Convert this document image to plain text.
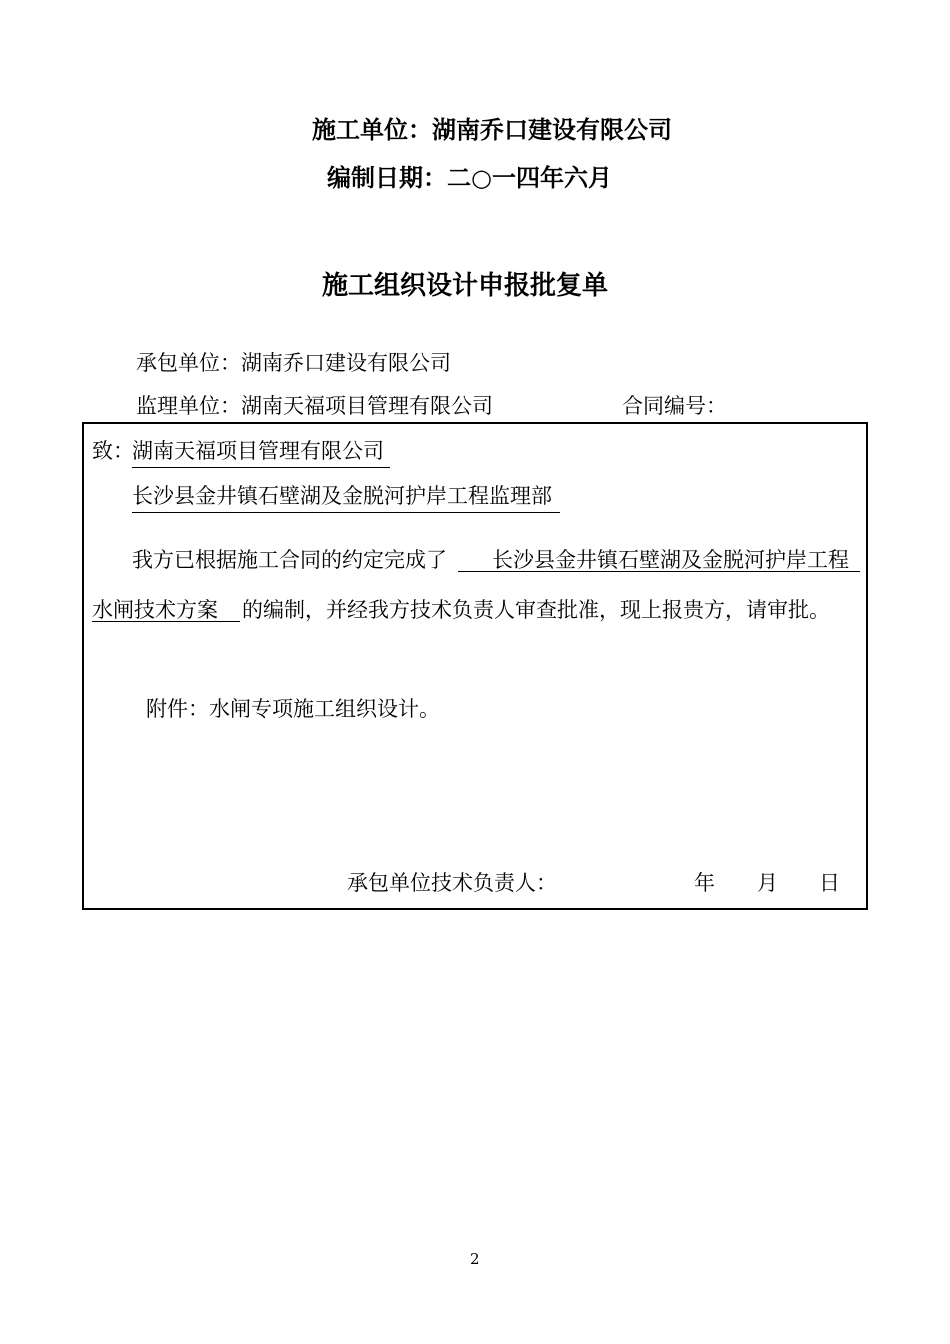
施工单位：湖南乔口建设有限公司
编制日期：二○一四年六月
施工组织设计申报批复单
承包单位：湖南乔口建设有限公司
监理单位：湖南天福项目管理有限公司	合同编号：
致：
湖南天福项目管理有限公司
长沙县金井镇石壁湖及金脱河护岸工程监理部
我方已根据施工合同的约定完成了 长沙县金井镇石壁湖及金脱河护岸工程
水闸技术方案 的编制，并经我方技术负责人审查批准，现上报贵方，请审批。
附件：水闸专项施工组织设计。
承包单位技术负责人：	年 月 日
2
